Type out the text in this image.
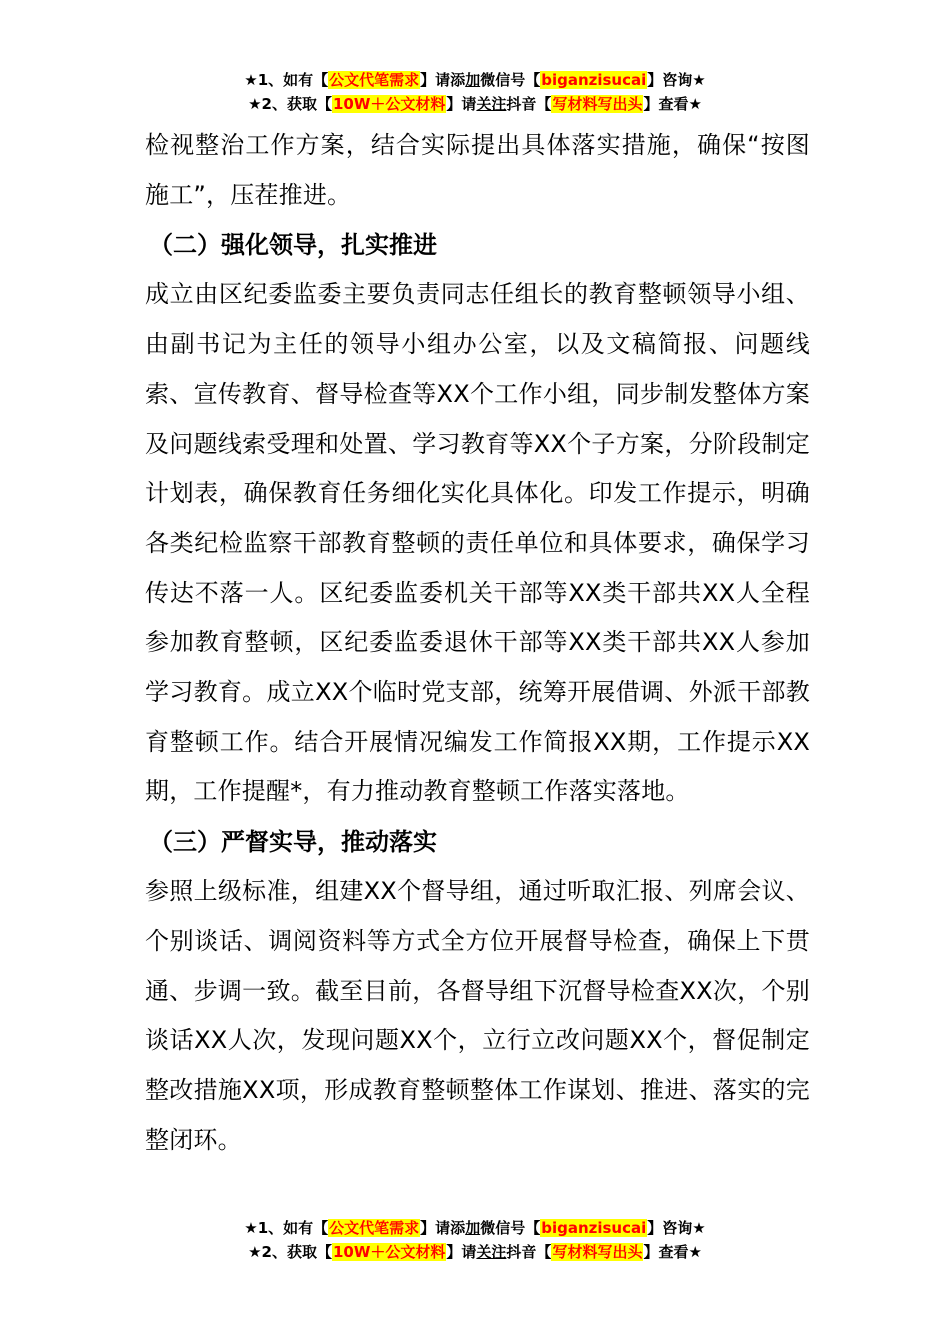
★1、如有【公文代笔需求】请添加微信号【biganzisucai】咨询★
★2、获取【10W＋公文材料】请关注抖音【写材料写出头】查看★

检视整治工作方案，结合实际提出具体落实措施，确保“按图施工”，压茬推进。

（二）强化领导，扎实推进

成立由区纪委监委主要负责同志任组长的教育整顿领导小组、由副书记为主任的领导小组办公室，以及文稿简报、问题线索、宣传教育、督导检查等XX个工作小组，同步制发整体方案及问题线索受理和处置、学习教育等XX个子方案，分阶段制定计划表，确保教育任务细化实化具体化。印发工作提示，明确各类纪检监察干部教育整顿的责任单位和具体要求，确保学习传达不落一人。区纪委监委机关干部等XX类干部共XX人全程参加教育整顿，区纪委监委退休干部等XX类干部共XX人参加学习教育。成立XX个临时党支部，统筹开展借调、外派干部教育整顿工作。结合开展情况编发工作简报XX期，工作提示XX期，工作提醒*，有力推动教育整顿工作落实落地。

（三）严督实导，推动落实

参照上级标准，组建XX个督导组，通过听取汇报、列席会议、个别谈话、调阅资料等方式全方位开展督导检查，确保上下贯通、步调一致。截至目前，各督导组下沉督导检查XX次，个别谈话XX人次，发现问题XX个，立行立改问题XX个，督促制定整改措施XX项，形成教育整顿整体工作谋划、推进、落实的完整闭环。

★1、如有【公文代笔需求】请添加微信号【biganzisucai】咨询★
★2、获取【10W＋公文材料】请关注抖音【写材料写出头】查看★
